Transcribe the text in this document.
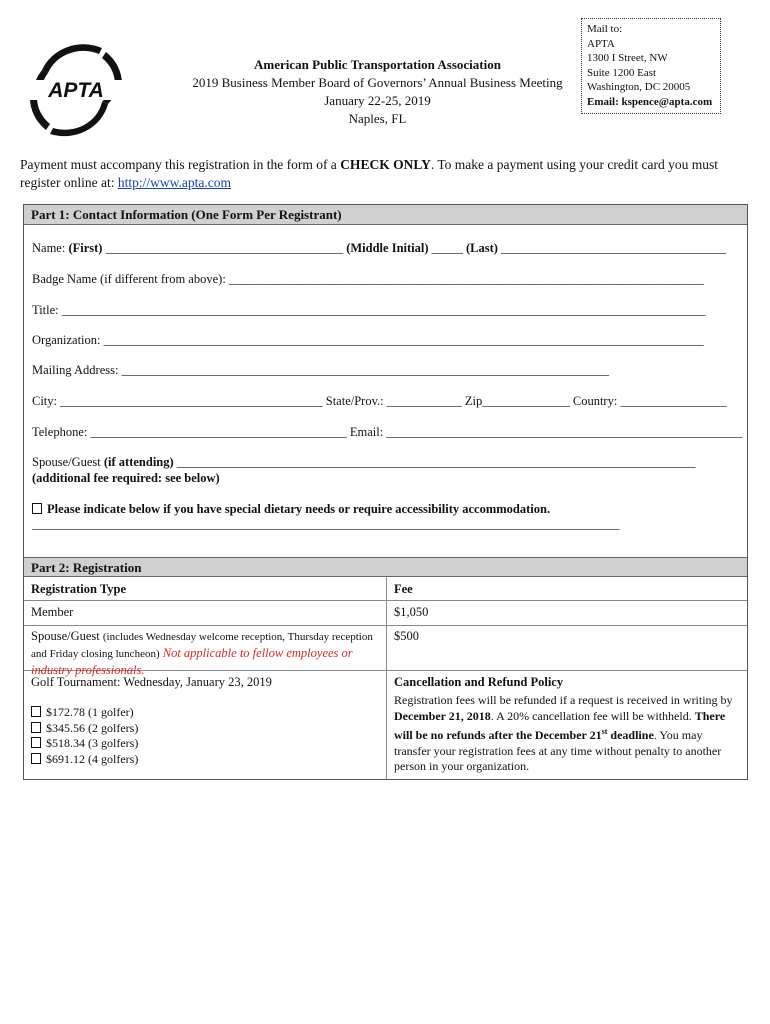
APTA
American Public Transportation Association
2019 Business Member Board of Governors’ Annual Business Meeting
January 22-25, 2019
Naples, FL
Mail to:
APTA
1300 I Street, NW
Suite 1200 East
Washington, DC 20005
Email: kspence@apta.com
Payment must accompany this registration in the form of a CHECK ONLY. To make a payment using your credit card you must register online at: http://www.apta.com
Part 1: Contact Information (One Form Per Registrant)
Name: (First) ______________________________________ (Middle Initial) _____ (Last) ____________________________________
Badge Name (if different from above): ____________________________________________________________________________
Title: _______________________________________________________________________________________________________
Organization: ________________________________________________________________________________________________
Mailing Address: ______________________________________________________________________________
City: __________________________________________ State/Prov.: ____________ Zip______________ Country: _________________
Telephone: _________________________________________ Email: _________________________________________________________
Spouse/Guest (if attending) ___________________________________________________________________________________
(additional fee required: see below)
Please indicate below if you have special dietary needs or require accessibility accommodation.
______________________________________________________________________________________________
Part 2: Registration
Registration Type	Fee
Member	$1,050
Spouse/Guest (includes Wednesday welcome reception, Thursday reception and Friday closing luncheon) Not applicable to fellow employees or industry professionals.
$500
Golf Tournament: Wednesday, January 23, 2019
$172.78 (1 golfer)
$345.56 (2 golfers)
$518.34 (3 golfers)
$691.12 (4 golfers)
Cancellation and Refund Policy
Registration fees will be refunded if a request is received in writing by December 21, 2018. A 20% cancellation fee will be withheld. There will be no refunds after the December 21st deadline. You may transfer your registration fees at any time without penalty to another person in your organization.
